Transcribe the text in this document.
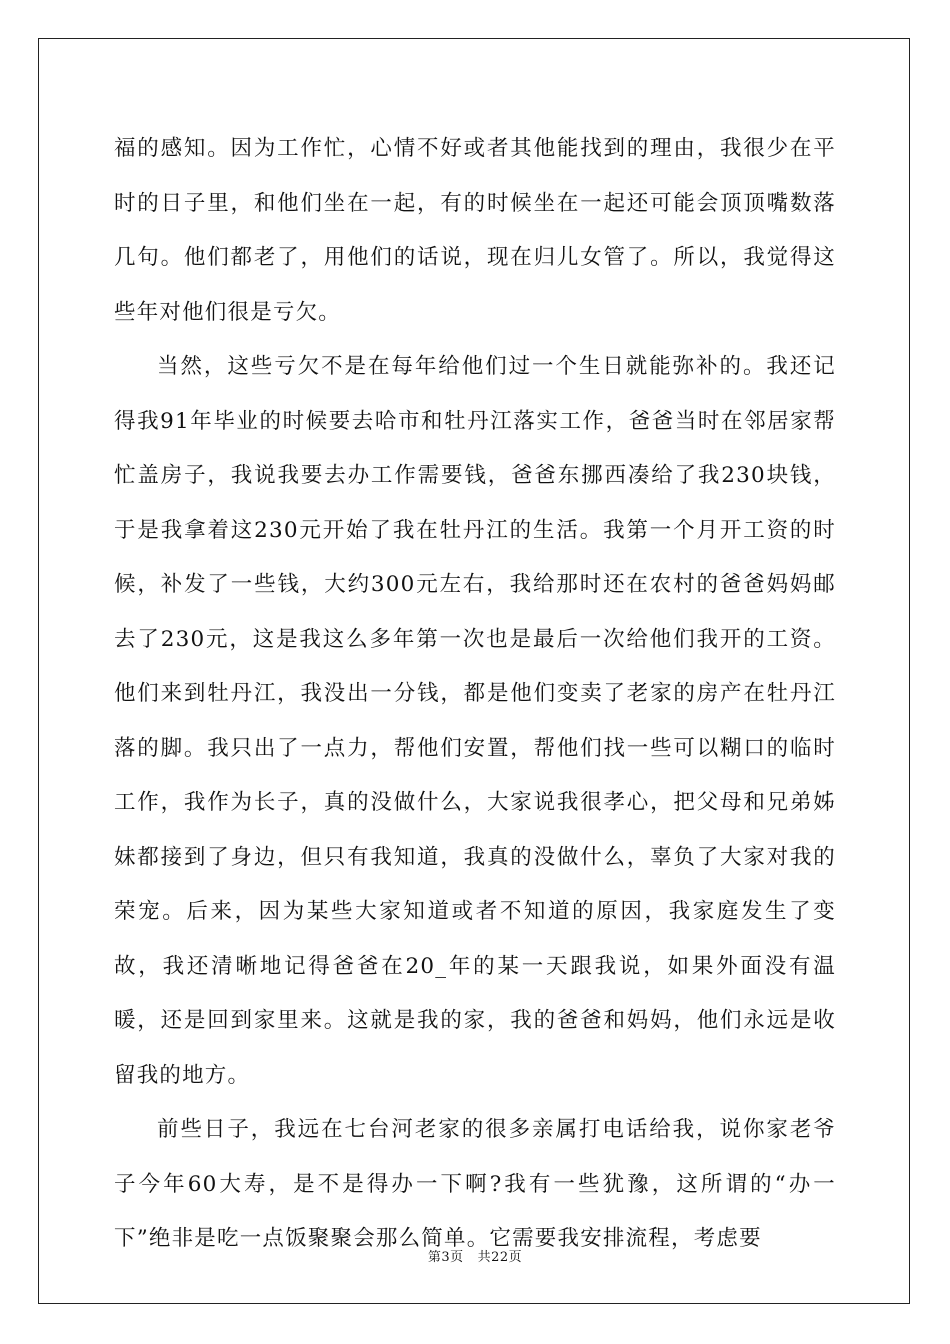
福的感知。因为工作忙，心情不好或者其他能找到的理由，我很少在平时的日子里，和他们坐在一起，有的时候坐在一起还可能会顶顶嘴数落几句。他们都老了，用他们的话说，现在归儿女管了。所以，我觉得这些年对他们很是亏欠。

当然，这些亏欠不是在每年给他们过一个生日就能弥补的。我还记得我91年毕业的时候要去哈市和牡丹江落实工作，爸爸当时在邻居家帮忙盖房子，我说我要去办工作需要钱，爸爸东挪西凑给了我230块钱，于是我拿着这230元开始了我在牡丹江的生活。我第一个月开工资的时候，补发了一些钱，大约300元左右，我给那时还在农村的爸爸妈妈邮去了230元，这是我这么多年第一次也是最后一次给他们我开的工资。他们来到牡丹江，我没出一分钱，都是他们变卖了老家的房产在牡丹江落的脚。我只出了一点力，帮他们安置，帮他们找一些可以糊口的临时工作，我作为长子，真的没做什么，大家说我很孝心，把父母和兄弟姊妹都接到了身边，但只有我知道，我真的没做什么，辜负了大家对我的荣宠。后来，因为某些大家知道或者不知道的原因，我家庭发生了变故，我还清晰地记得爸爸在20_年的某一天跟我说，如果外面没有温暖，还是回到家里来。这就是我的家，我的爸爸和妈妈，他们永远是收留我的地方。

前些日子，我远在七台河老家的很多亲属打电话给我，说你家老爷子今年60大寿，是不是得办一下啊?我有一些犹豫，这所谓的“办一下”绝非是吃一点饭聚聚会那么简单。它需要我安排流程，考虑要

第3页 共22页
